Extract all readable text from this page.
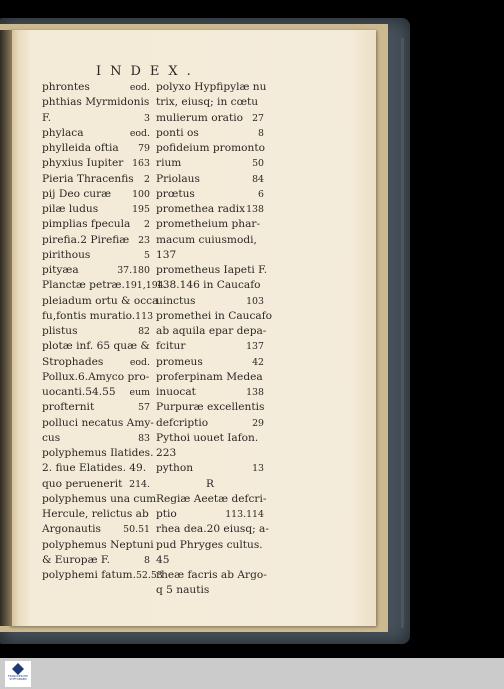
INDEX.
phrontes	eod.
phthias Myrmidonis
F.	3
phylaca	eod.
phylleida oftia 79
phyxius Iupiter 163
Pieria Thracenfis 2
pij Deo curæ 100
pilæ ludus	195
pimplias fpecula 2
pirefia.2 Pirefiæ 23
pirithous	5
pityæa	37.180
Planctæ petræ. 191,194.
pleiadum ortu & occa
fu,fontis muratio. 113
plistus	82
plotæ inf. 65 quæ &
Strophades	eod.
Pollux.6.Amyco pro-
uocanti.54.55 eum
profternit	57
polluci necatus Amy-
cus	83
polyphemus Ilatides.
2. fiue Elatides. 49.
quo peruenerit 214.
polyphemus una cum
Hercule, relictus ab
Argonautis 50.51
polyphemus Neptuni
& Europæ F.	8
polyphemi fatum. 52.53
polyxo Hypfipylæ nu
trix, eiusq; in cœtu
mulierum oratio 27
ponti os	8
pofideium promonto
rium	50
Priolaus	84
prœtus	6
promethea radix 138
prometheium phar-
macum cuiusmodi,
137
prometheus Iapeti F.
138.146 in Caucafo
uinctus	103
promethei in Caucafo
ab aquila epar depa-
fcitur	137
promeus	42
proferpinam Medea
inuocat	138
Purpuræ excellentis
defcriptio	29
Pythoi uouet Iafon.
223
python	13
R
Regiæ Aeetæ defcri-
ptio	113.114
rhea dea.20 eiusq; a-
pud Phryges cultus.
45
rheæ facris ab Argo-
q 5 nautis
FRANCKESCHE STIFTUNGEN
